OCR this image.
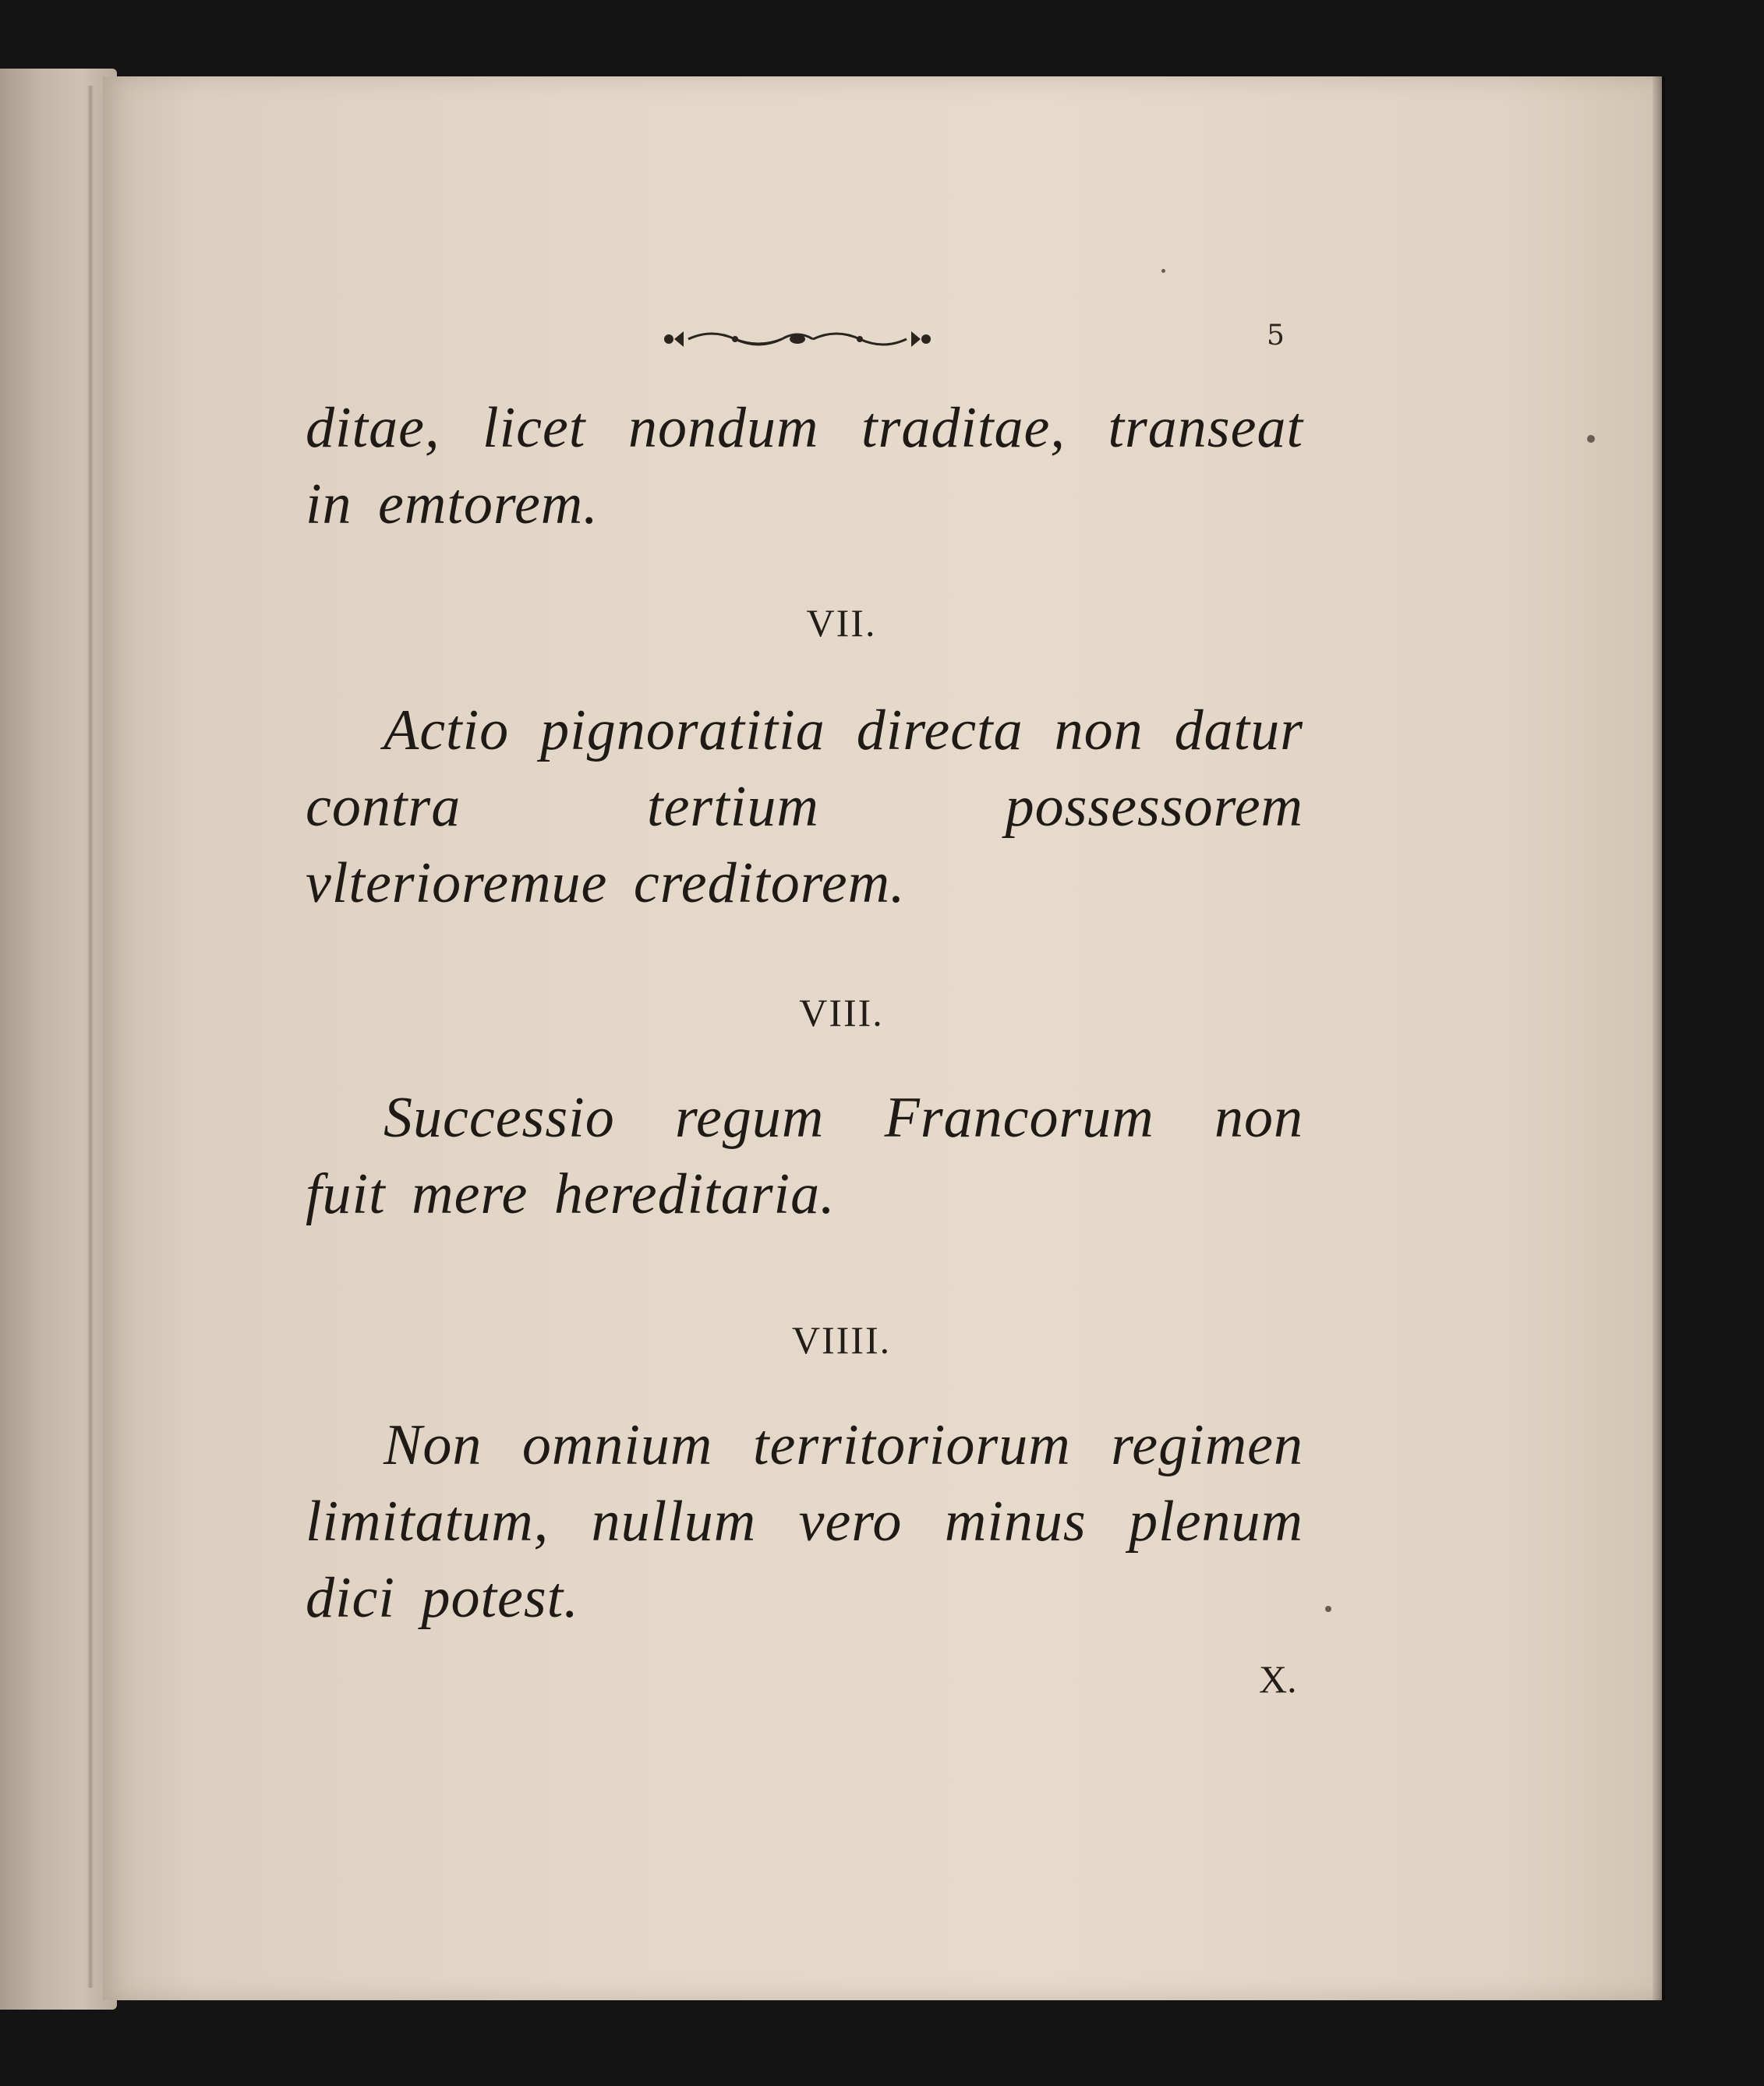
5
ditae, licet nondum traditae, transeat in emtorem.
VII.
Actio pignoratitia directa non datur contra tertium possessorem vlterioremue creditorem.
VIII.
Successio regum Francorum non fuit mere hereditaria.
VIIII.
Non omnium territoriorum regimen limitatum, nullum vero minus plenum dici potest.
X.
